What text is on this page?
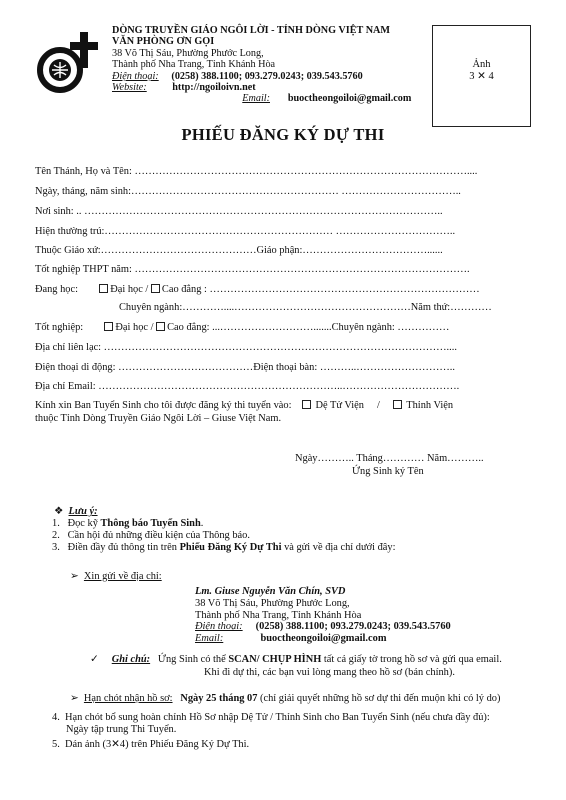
DÒNG TRUYỀN GIÁO NGÔI LỜI - TỈNH DÒNG VIỆT NAM
VĂN PHÒNG ƠN GỌI
38 Võ Thị Sáu, Phường Phước Long,
Thành phố Nha Trang, Tỉnh Khánh Hòa
Điện thoại: (0258) 388.1100; 093.279.0243; 039.543.5760
Website: http://ngoiloivn.net
Email: buoctheongoiloi@gmail.com
Ảnh
3 ✕ 4
PHIẾU ĐĂNG KÝ DỰ THI
Tên Thánh, Họ và Tên: ……………………………………………………………………………………....
Ngày, tháng, năm sinh:…………………………………………………… ……………………………..
Nơi sinh: .. …………………………………………………………………………………………..
Hiện thường trú:………………………………………………………… ……………………………..
Thuộc Giáo xứ:………………………………………Giáo phận:………………………………......
Tốt nghiệp THPT năm: …………………………………………………………………………………….
Đang học:	Đại học / Cao đẳng : ……………………………………………………………………
Chuyên ngành:…………....……………………………………………Năm thứ:…………
Tốt nghiệp:	Đại học / Cao đẳng: ...……………………….......Chuyên ngành: ……………
Địa chỉ liên lạc: ………………………………………………………………………………………....
Điện thoại di động: …………………………………Điện thoại bàn: ………..………………………..
Địa chỉ Email: ……………………………………………………………..…………………………….
Kính xin Ban Tuyển Sinh cho tôi được đăng ký thi tuyển vào: Dệ Tử Viện /	Thỉnh Viện
thuộc Tỉnh Dòng Truyền Giáo Ngôi Lời – Giuse Việt Nam.
Ngày……….. Tháng………… Năm………..
Ứng Sinh ký Tên
❖ Lưu ý:
1. Đọc kỹ Thông báo Tuyển Sinh.
2. Cần hội đủ những điều kiện của Thông báo.
3. Điền đầy đủ thông tin trên Phiếu Đăng Ký Dự Thi và gửi về địa chỉ dưới đây:
➢ Xin gửi về địa chỉ:
Lm. Giuse Nguyễn Văn Chín, SVD
38 Võ Thị Sáu, Phường Phước Long,
Thành phố Nha Trang, Tỉnh Khánh Hòa
Điện thoại: (0258) 388.1100; 093.279.0243; 039.543.5760
Email:	buoctheongoiloi@gmail.com
✓ Ghi chú: Ứng Sinh có thể SCAN/ CHỤP HÌNH tất cả giấy tờ trong hồ sơ và gửi qua email.
Khi đi dự thi, các bạn vui lòng mang theo hồ sơ (bản chính).
➢ Hạn chót nhận hồ sơ: Ngày 25 tháng 07 (chỉ giải quyết những hồ sơ dự thi đến muộn khi có lý do)
4. Hạn chót bổ sung hoàn chỉnh Hồ Sơ nhập Dệ Tử / Thỉnh Sinh cho Ban Tuyển Sinh (nếu chưa đầy đủ):
Ngày tập trung Thi Tuyển.
5. Dán ảnh (3✕4) trên Phiếu Đăng Ký Dự Thi.
